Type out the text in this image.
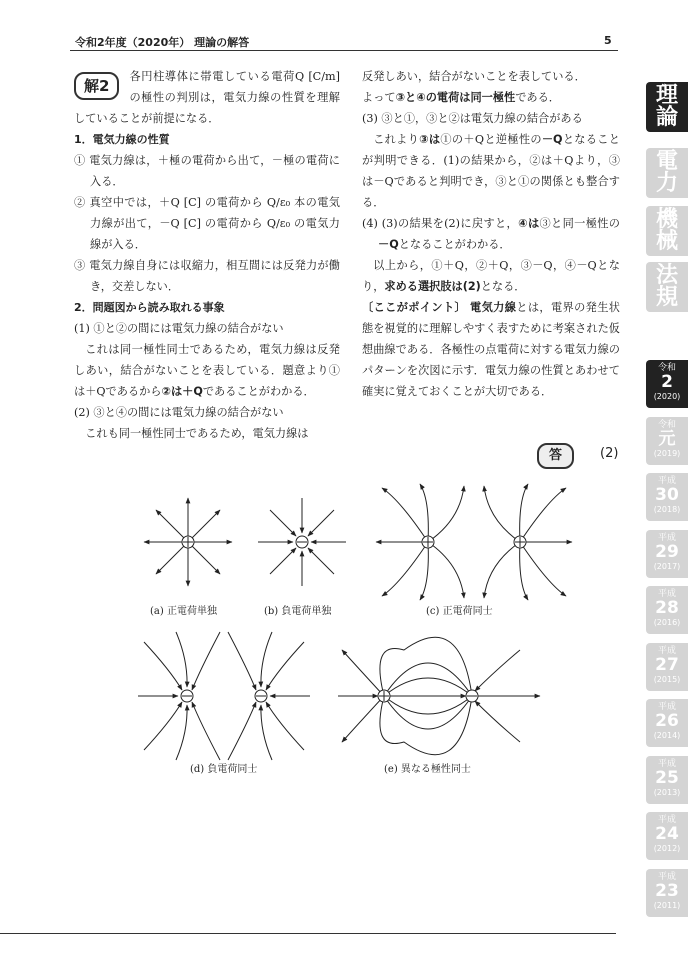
令和2年度（2020年） 理論の解答	5
解2
各円柱導体に帯電している電荷Q [C/m] の極性の判別は，電気力線の性質を理解していることが前提になる．
1．電気力線の性質
① 電気力線は，＋極の電荷から出て，－極の電荷に入る．
② 真空中では，＋Q [C] の電荷から Q/ε₀ 本の電気力線が出て，－Q [C] の電荷から Q/ε₀ の電気力線が入る．
③ 電気力線自身には収縮力，相互間には反発力が働き，交差しない．
2．問題図から読み取れる事象
(1) ①と②の間には電気力線の結合がない
これは同一極性同士であるため，電気力線は反発しあい，結合がないことを表している．題意より①は＋Qであるから②は＋Qであることがわかる．
(2) ③と④の間には電気力線の結合がない
これも同一極性同士であるため，電気力線は
反発しあい，結合がないことを表している．
よって③と④の電荷は同一極性である．
(3) ③と①，③と②は電気力線の結合がある
これより③は①の＋Qと逆極性の－Qとなることが判明できる．(1)の結果から，②は＋Qより，③は－Qであると判明でき，③と①の関係とも整合する．
(4) (3)の結果を(2)に戻すと，④は③と同一極性の－Qとなることがわかる．
以上から，①＋Q，②＋Q，③－Q，④－Qとなり，求める選択肢は(2)となる．
〔ここがポイント〕 電気力線とは，電界の発生状態を視覚的に理解しやすく表すために考案された仮想曲線である．各極性の点電荷に対する電気力線のパターンを次図に示す．電気力線の性質とあわせて確実に覚えておくことが大切である．
答	(2)
(a) 正電荷単独	(b) 負電荷単独	(c) 正電荷同士
(d) 負電荷同士	(e) 異なる極性同士
理
論
電
力
機
械
法
規
令和
2
(2020)
令和
元
(2019)
平成
30
(2018)
平成
29
(2017)
平成
28
(2016)
平成
27
(2015)
平成
26
(2014)
平成
25
(2013)
平成
24
(2012)
平成
23
(2011)
